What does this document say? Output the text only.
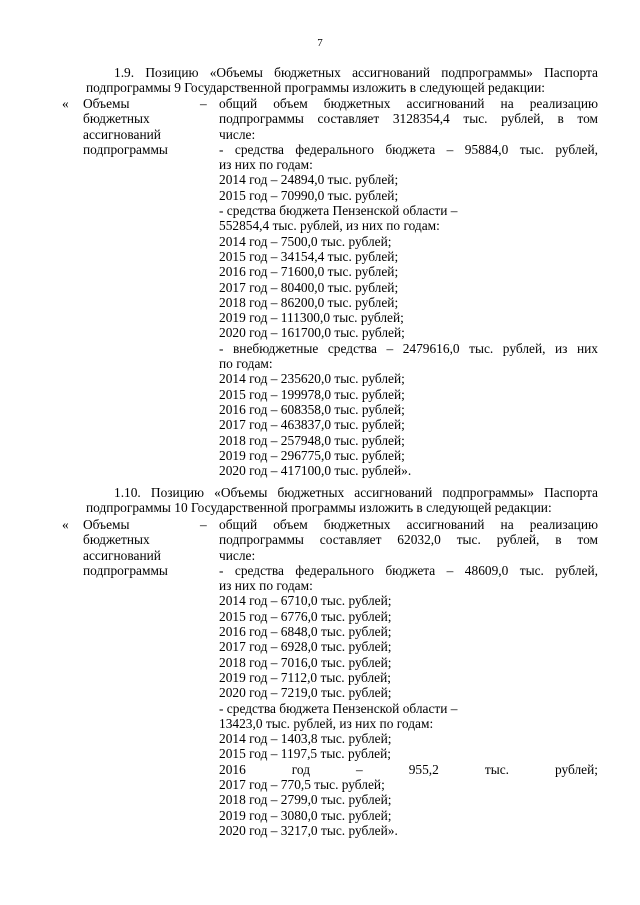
7
1.9. Позицию «Объемы бюджетных ассигнований подпрограммы» Паспорта подпрограммы 9 Государственной программы изложить в следующей редакции:
« Объемы
бюджетных
ассигнований
подпрограммы
– общий объем бюджетных ассигнований на реализацию
подпрограммы составляет 3128354,4 тыс. рублей, в том
числе:
- средства федерального бюджета – 95884,0 тыс. рублей,
из них по годам:
2014 год – 24894,0 тыс. рублей;
2015 год – 70990,0 тыс. рублей;
- средства бюджета Пензенской области –
552854,4 тыс. рублей, из них по годам:
2014 год – 7500,0 тыс. рублей;
2015 год – 34154,4 тыс. рублей;
2016 год – 71600,0 тыс. рублей;
2017 год – 80400,0 тыс. рублей;
2018 год – 86200,0 тыс. рублей;
2019 год – 111300,0 тыс. рублей;
2020 год – 161700,0 тыс. рублей;
- внебюджетные средства – 2479616,0 тыс. рублей, из них
по годам:
2014 год – 235620,0 тыс. рублей;
2015 год – 199978,0 тыс. рублей;
2016 год – 608358,0 тыс. рублей;
2017 год – 463837,0 тыс. рублей;
2018 год – 257948,0 тыс. рублей;
2019 год – 296775,0 тыс. рублей;
2020 год – 417100,0 тыс. рублей».
1.10. Позицию «Объемы бюджетных ассигнований подпрограммы» Паспорта подпрограммы 10 Государственной программы изложить в следующей редакции:
« Объемы
бюджетных
ассигнований
подпрограммы
– общий объем бюджетных ассигнований на реализацию
подпрограммы составляет 62032,0 тыс. рублей, в том
числе:
- средства федерального бюджета – 48609,0 тыс. рублей,
из них по годам:
2014 год – 6710,0 тыс. рублей;
2015 год – 6776,0 тыс. рублей;
2016 год – 6848,0 тыс. рублей;
2017 год – 6928,0 тыс. рублей;
2018 год – 7016,0 тыс. рублей;
2019 год – 7112,0 тыс. рублей;
2020 год – 7219,0 тыс. рублей;
- средства бюджета Пензенской области –
13423,0 тыс. рублей, из них по годам:
2014 год – 1403,8 тыс. рублей;
2015 год – 1197,5 тыс. рублей;
2016 год – 955,2 тыс. рублей;
2017 год – 770,5 тыс. рублей;
2018 год – 2799,0 тыс. рублей;
2019 год – 3080,0 тыс. рублей;
2020 год – 3217,0 тыс. рублей».
